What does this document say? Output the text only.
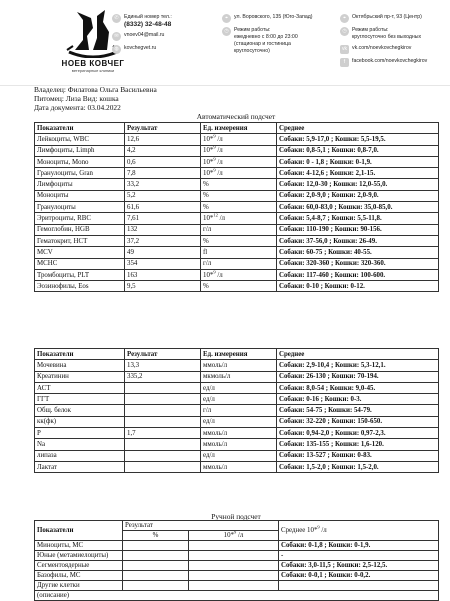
НОЕВ КОВЧЕГ
ветеринарные клиники
✆	Единый номер тел.:
(8332) 32-48-48
✉	vnoev04@mail.ru
◍	kovchegvet.ru
⌖	ул. Воровского, 135 (Юго-Запад)
◷	Режим работы:
ежедневно с 8:00 до 23:00
(стационар и гостиница
круглосуточно)
⌖	Октябрьский пр-т, 93 (Центр)
◷	Режим работы:
круглосуточно без выходных
vk vk.com/noevkovchegkirov
f	facebook.com/noevkovchegkirov
Владелец: Филатова Ольга Васильевна
Питомец: Лиза Вид: кошка
Дата документа: 03.04.2022
Автоматический подсчет
Показатели	Результат	Ед. измерения	Среднее
Лейкоциты, WBC	12,6	10*$^9$ /л	Собаки: 5,9-17,0 ; Кошки: 5,5-19,5.
Лимфоциты, Limph	4,2	10*$^9$ /л	Собаки: 0,8-5,1 ; Кошки: 0,8-7,0.
Моноциты, Mono	0,6	10*$^9$ /л	Собаки: 0 - 1,8 ; Кошки: 0-1,9.
Гранулоциты, Gran	7,8	10*$^9$ /л	Собаки: 4-12,6 ; Кошки: 2,1-15.
Лимфоциты	33,2	%	Собаки: 12,0-30 ; Кошки: 12,0-55,0.
Моноциты	5,2	%	Собаки: 2,0-9,0 ; Кошки: 2,0-9,0.
Гранулоциты	61,6	%	Собаки: 60,0-83,0 ; Кошки: 35,0-85,0.
Эритроциты, RBC	7,61	10*$^{12}$ /л	Собаки: 5,4-8,7 ; Кошки: 5,5-11,8.
Гемоглобин, HGB	132	г/л	Собаки: 110-190 ; Кошки: 90-156.
Гематокрит, HCT	37,2	%	Собаки: 37-56,0 ; Кошки: 26-49.
MCV	49	fl	Собаки: 60-75 ; Кошки: 40-55.
MCHC	354	г/л	Собаки: 320-360 ; Кошки: 320-360.
Тромбоциты, PLT	163	10*$^9$ /л	Собаки: 117-460 ; Кошки: 100-600.
Эозинофилы, Eos	9,5	%	Собаки: 0-10 ; Кошки: 0-12.
Показатели	Результат	Ед. измерения	Среднее
Мочевина	13,3	ммоль/л	Собаки: 2,9-10,4 ; Кошки: 5,3-12,1.
Креатинин	335,2	мкмоль/л	Собаки: 26-130 ; Кошки: 70-194.
АСТ		ед/л	Собаки: 8,0-54 ; Кошки: 9,0-45.
ГГТ		ед/л	Собаки: 0-16 ; Кошки: 0-3.
Общ. белок		г/л	Собаки: 54-75 ; Кошки: 54-79.
кк(фк)		ед/л	Собаки: 32-220 ; Кошки: 150-650.
Р	1,7	ммоль/л	Собаки: 0,94-2,0 ; Кошки: 0,97-2,3.
Na		ммоль/л	Собаки: 135-155 ; Кошки: 1,6-120.
липаза		ед/л	Собаки: 13-527 ; Кошки: 0-83.
Лактат		ммоль/л	Собаки: 1,5-2,0 ; Кошки: 1,5-2,0.
Ручной подсчет
Показатели	Результат		Среднее 10*$^9$ /л
	%	10*$^9$ /л	
Миноциты, МС			Собаки: 0-1,8 ; Кошки: 0-1,9.
Юные (метамиелоциты)			-
Сегментоядерные			Собаки: 3,0-11,5 ; Кошки: 2,5-12,5.
Базофилы, МС			Собаки: 0-0,1 ; Кошки: 0-0,2.
Другие клетки			
(описание)			
